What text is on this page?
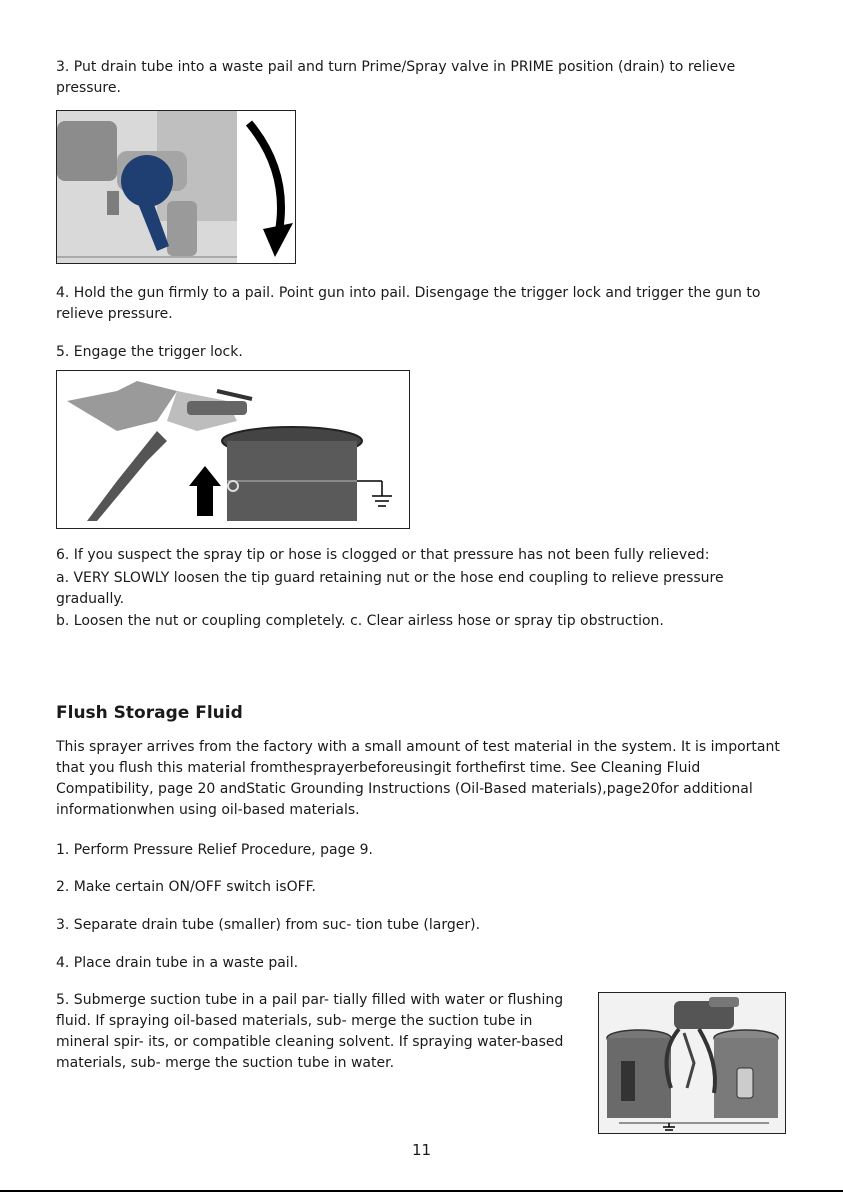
3. Put drain tube into a waste pail and turn Prime/Spray valve in PRIME position (drain) to relieve pressure.

4. Hold the gun firmly to a pail. Point gun into pail. Disengage the trigger lock and trigger the gun to relieve pressure.

5. Engage the trigger lock.

6. If you suspect the spray tip or hose is clogged or that pressure has not been fully relieved:

a. VERY SLOWLY loosen the tip guard retaining nut or the hose end coupling to relieve pressure gradually.

b. Loosen the nut or coupling completely. c. Clear airless hose or spray tip obstruction.

Flush Storage Fluid

This sprayer arrives from the factory with a small amount of test material in the system. It is important that you flush this material fromthesprayerbeforeusingit forthefirst time. See Cleaning Fluid Compatibility, page 20 andStatic Grounding Instructions (Oil-Based materials),page20for additional informationwhen using oil-based materials.

1. Perform Pressure Relief Procedure, page 9.

2. Make certain ON/OFF switch isOFF.

3. Separate drain tube (smaller) from suc- tion tube (larger).

4. Place drain tube in a waste pail.

5. Submerge suction tube in a pail par- tially filled with water or flushing fluid. If spraying oil-based materials, sub- merge the suction tube in mineral spir- its, or compatible cleaning solvent. If spraying water-based materials, sub- merge the suction tube in water.

11
